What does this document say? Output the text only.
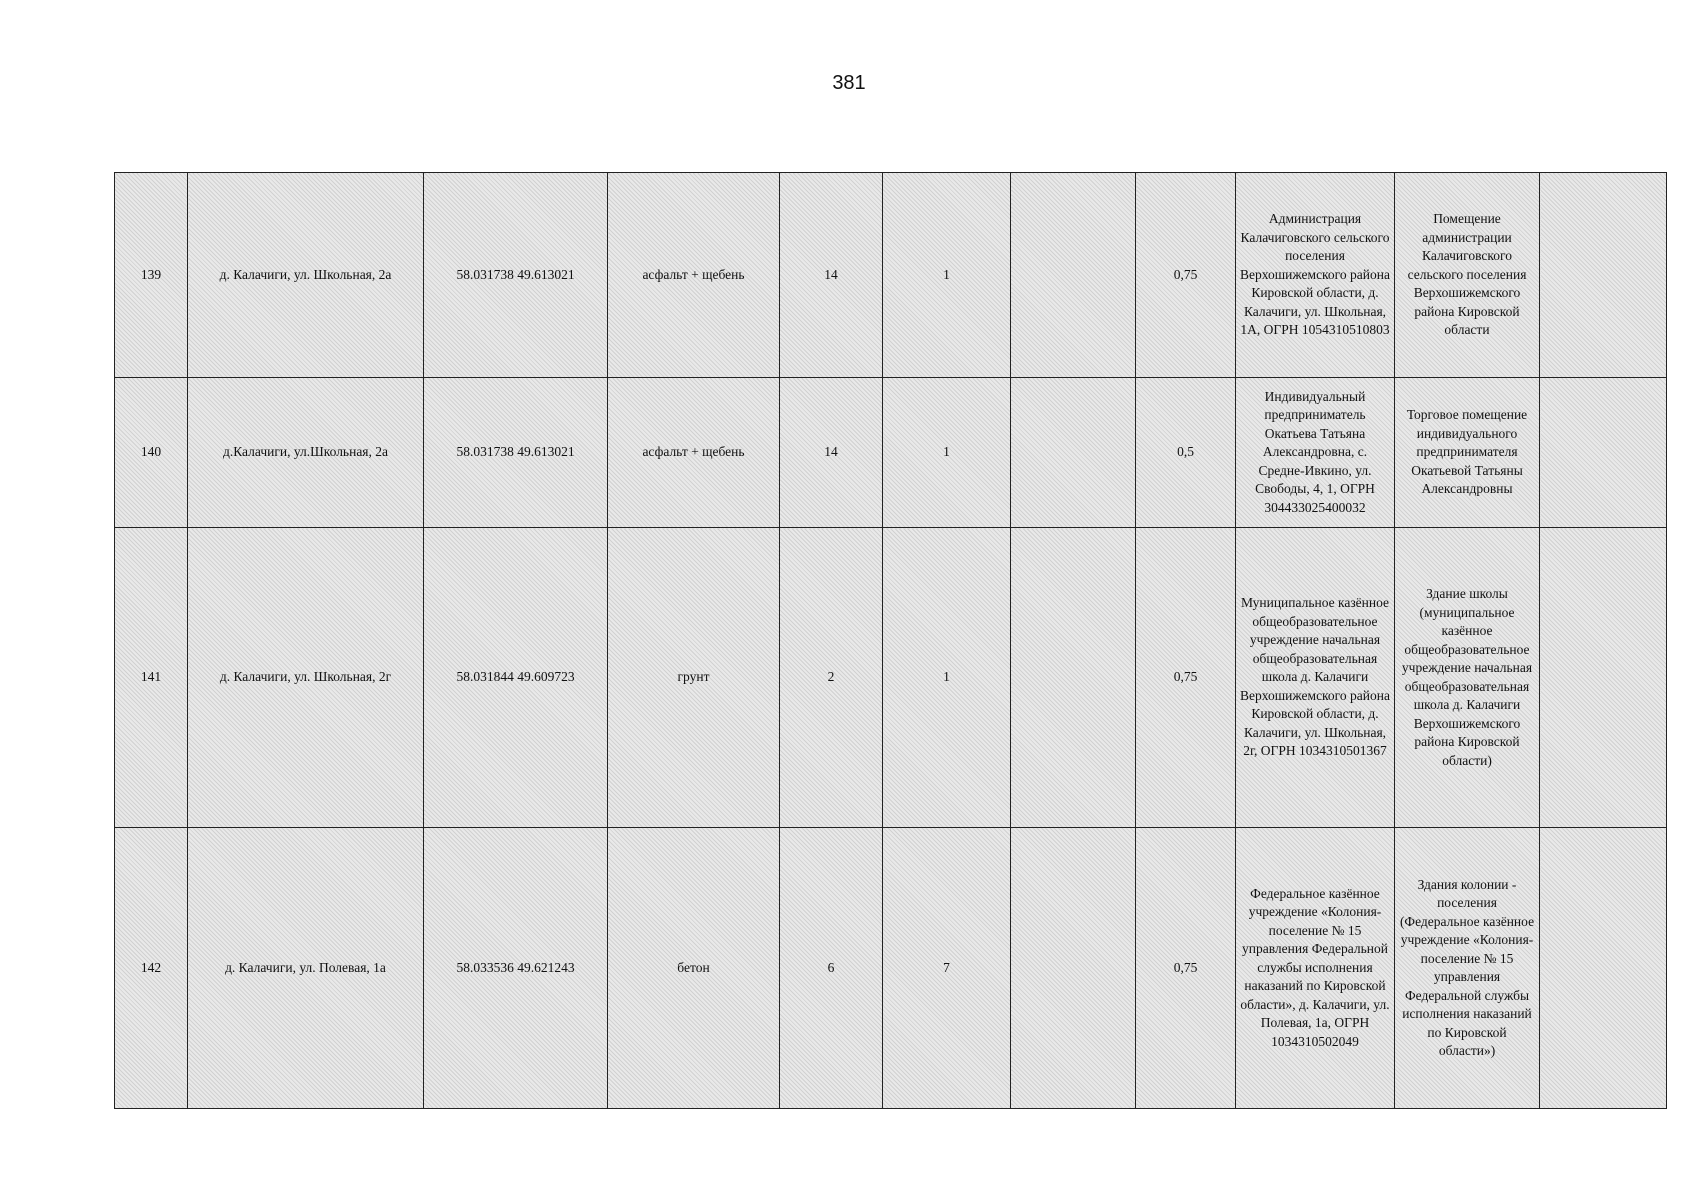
381
139	д. Калачиги, ул. Школьная, 2а	58.031738 49.613021	асфальт + щебень	14	1		0,75	Администрация Калачиговского сельского поселения Верхошижемского района Кировской области, д. Калачиги, ул. Школьная, 1А, ОГРН 1054310510803	Помещение администрации Калачиговского сельского поселения Верхошижемского района Кировской области	
140	д.Калачиги, ул.Школьная, 2а	58.031738 49.613021	асфальт + щебень	14	1		0,5	Индивидуальный предприниматель Окатьева Татьяна Александровна, с. Средне-Ивкино, ул. Свободы, 4, 1, ОГРН 304433025400032	Торговое помещение индивидуального предпринимателя Окатьевой Татьяны Александровны	
141	д. Калачиги, ул. Школьная, 2г	58.031844 49.609723	грунт	2	1		0,75	Муниципальное казённое общеобразовательное учреждение начальная общеобразовательная школа д. Калачиги Верхошижемского района Кировской области, д. Калачиги, ул. Школьная, 2г, ОГРН 1034310501367	Здание школы (муниципальное казённое общеобразовательное учреждение начальная общеобразовательная школа д. Калачиги Верхошижемского района Кировской области)	
142	д. Калачиги, ул. Полевая, 1а	58.033536 49.621243	бетон	6	7		0,75	Федеральное казённое учреждение «Колония-поселение № 15 управления Федеральной службы исполнения наказаний по Кировской области», д. Калачиги, ул. Полевая, 1а, ОГРН 1034310502049	Здания колонии - поселения (Федеральное казённое учреждение «Колония-поселение № 15 управления Федеральной службы исполнения наказаний по Кировской области»)	
